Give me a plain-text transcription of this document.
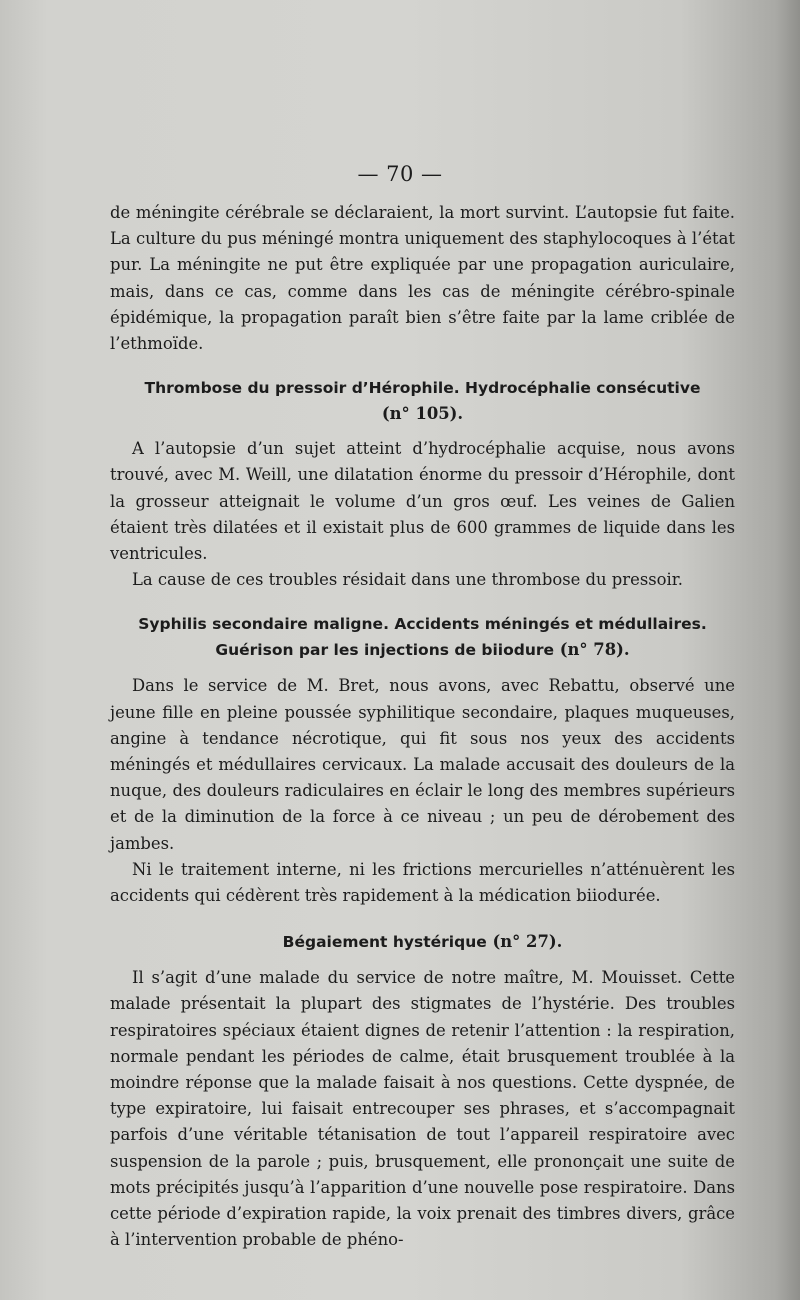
— 70 —

de méningite cérébrale se déclaraient, la mort survint. L’autopsie fut faite. La culture du pus méningé montra uniquement des staphylocoques à l’état pur. La méningite ne put être expliquée par une propagation auriculaire, mais, dans ce cas, comme dans les cas de méningite cérébro-spinale épidémique, la propagation paraît bien s’être faite par la lame criblée de l’ethmoïde.

Thrombose du pressoir d’Hérophile. Hydrocéphalie consécutive
(n° 105).

A l’autopsie d’un sujet atteint d’hydrocéphalie acquise, nous avons trouvé, avec M. Weill, une dilatation énorme du pressoir d’Hérophile, dont la grosseur atteignait le volume d’un gros œuf. Les veines de Galien étaient très dilatées et il existait plus de 600 grammes de liquide dans les ventricules.

La cause de ces troubles résidait dans une thrombose du pressoir.

Syphilis secondaire maligne. Accidents méningés et médullaires.
Guérison par les injections de biiodure (n° 78).

Dans le service de M. Bret, nous avons, avec Rebattu, observé une jeune fille en pleine poussée syphilitique secondaire, plaques muqueuses, angine à tendance nécrotique, qui fit sous nos yeux des accidents méningés et médullaires cervicaux. La malade accusait des douleurs de la nuque, des douleurs radiculaires en éclair le long des membres supérieurs et de la diminution de la force à ce niveau ; un peu de dérobement des jambes.

Ni le traitement interne, ni les frictions mercurielles n’atténuèrent les accidents qui cédèrent très rapidement à la médication biiodurée.

Bégaiement hystérique (n° 27).

Il s’agit d’une malade du service de notre maître, M. Mouisset. Cette malade présentait la plupart des stigmates de l’hystérie. Des troubles respiratoires spéciaux étaient dignes de retenir l’attention : la respiration, normale pendant les périodes de calme, était brusquement troublée à la moindre réponse que la malade faisait à nos questions. Cette dyspnée, de type expiratoire, lui faisait entrecouper ses phrases, et s’accompagnait parfois d’une véritable tétanisation de tout l’appareil respiratoire avec suspension de la parole ; puis, brusquement, elle prononçait une suite de mots précipités jusqu’à l’apparition d’une nouvelle pose respiratoire. Dans cette période d’expiration rapide, la voix prenait des timbres divers, grâce à l’intervention probable de phéno-
